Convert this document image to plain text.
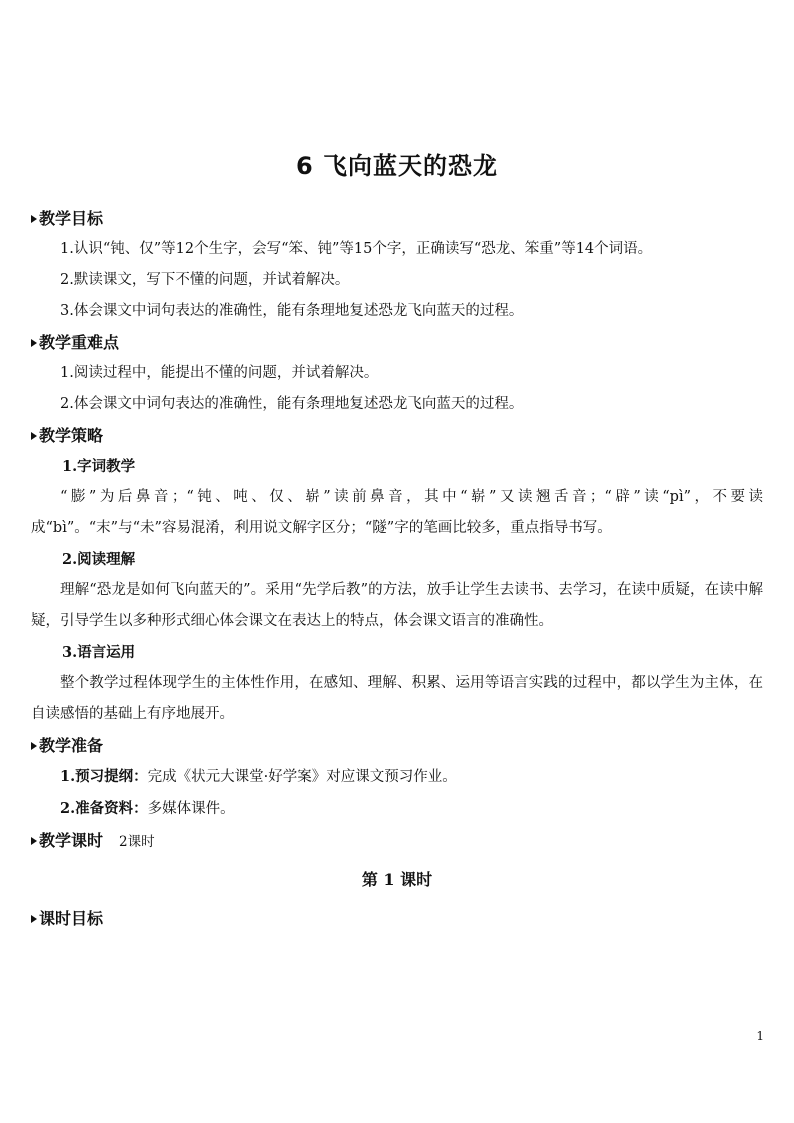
6 飞向蓝天的恐龙
教学目标
1.认识“钝、仅”等12个生字，会写“笨、钝”等15个字，正确读写“恐龙、笨重”等14个词语。
2.默读课文，写下不懂的问题，并试着解决。
3.体会课文中词句表达的准确性，能有条理地复述恐龙飞向蓝天的过程。
教学重难点
1.阅读过程中，能提出不懂的问题，并试着解决。
2.体会课文中词句表达的准确性，能有条理地复述恐龙飞向蓝天的过程。
教学策略
1.字词教学
“膨”为后鼻音；“钝、吨、仅、崭”读前鼻音，其中“崭”又读翘舌音；“辟”读“pì”，不要读成“bì”。“末”与“未”容易混淆，利用说文解字区分；“隧”字的笔画比较多，重点指导书写。
2.阅读理解
理解“恐龙是如何飞向蓝天的”。采用“先学后教”的方法，放手让学生去读书、去学习，在读中质疑，在读中解疑，引导学生以多种形式细心体会课文在表达上的特点，体会课文语言的准确性。
3.语言运用
整个教学过程体现学生的主体性作用，在感知、理解、积累、运用等语言实践的过程中，都以学生为主体，在自读感悟的基础上有序地展开。
教学准备
1.预习提纲：完成《状元大课堂·好学案》对应课文预习作业。
2.准备资料：多媒体课件。
教学课时 2课时
第 1 课时
课时目标
1
